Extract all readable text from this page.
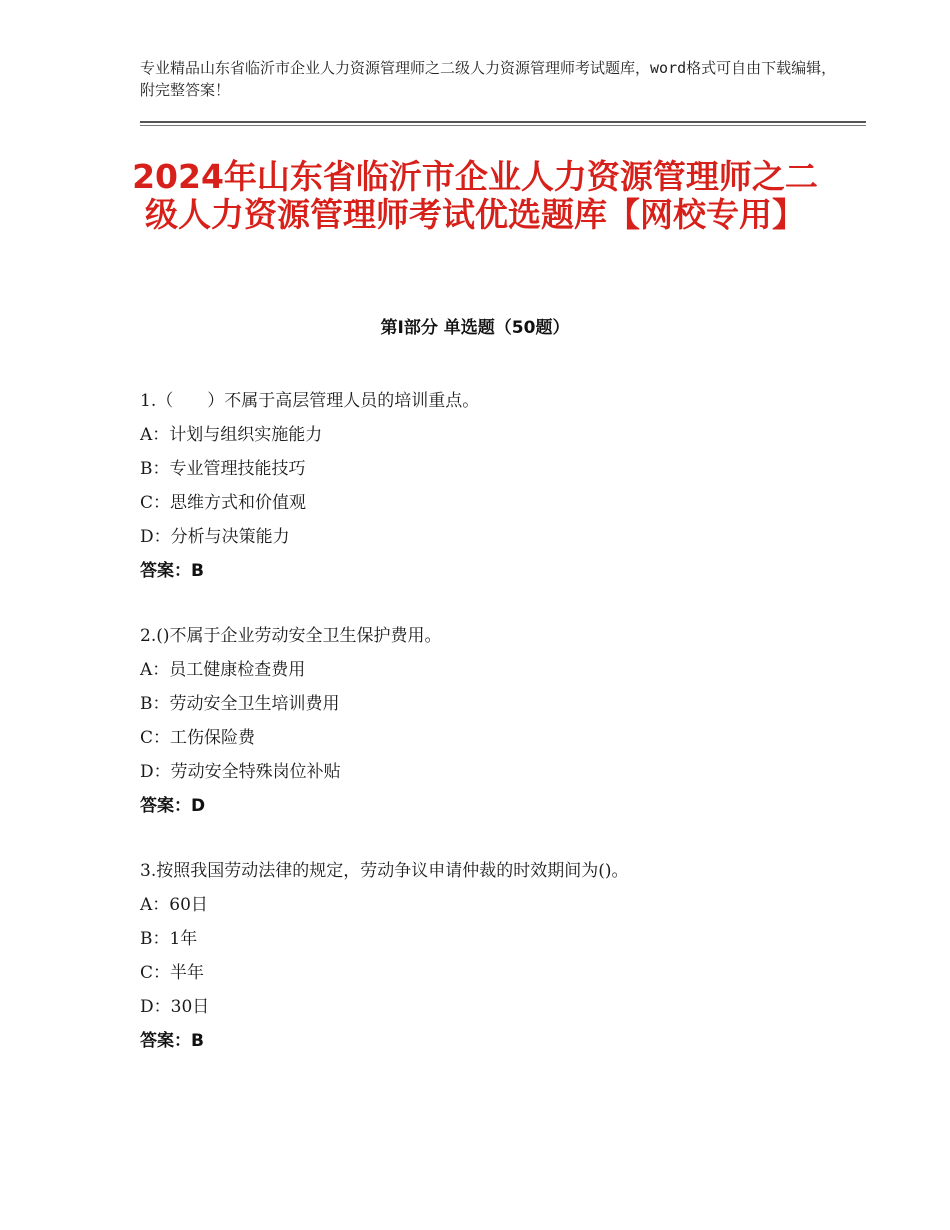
专业精品山东省临沂市企业人力资源管理师之二级人力资源管理师考试题库，word格式可自由下载编辑，附完整答案！
2024年山东省临沂市企业人力资源管理师之二级人力资源管理师考试优选题库【网校专用】
第Ⅰ部分 单选题（50题）
1.（　　）不属于高层管理人员的培训重点。
A：计划与组织实施能力
B：专业管理技能技巧
C：思维方式和价值观
D：分析与决策能力
答案：B
2.()不属于企业劳动安全卫生保护费用。
A：员工健康检查费用
B：劳动安全卫生培训费用
C：工伤保险费
D：劳动安全特殊岗位补贴
答案：D
3.按照我国劳动法律的规定，劳动争议申请仲裁的时效期间为()。
A：60日
B：1年
C：半年
D：30日
答案：B
